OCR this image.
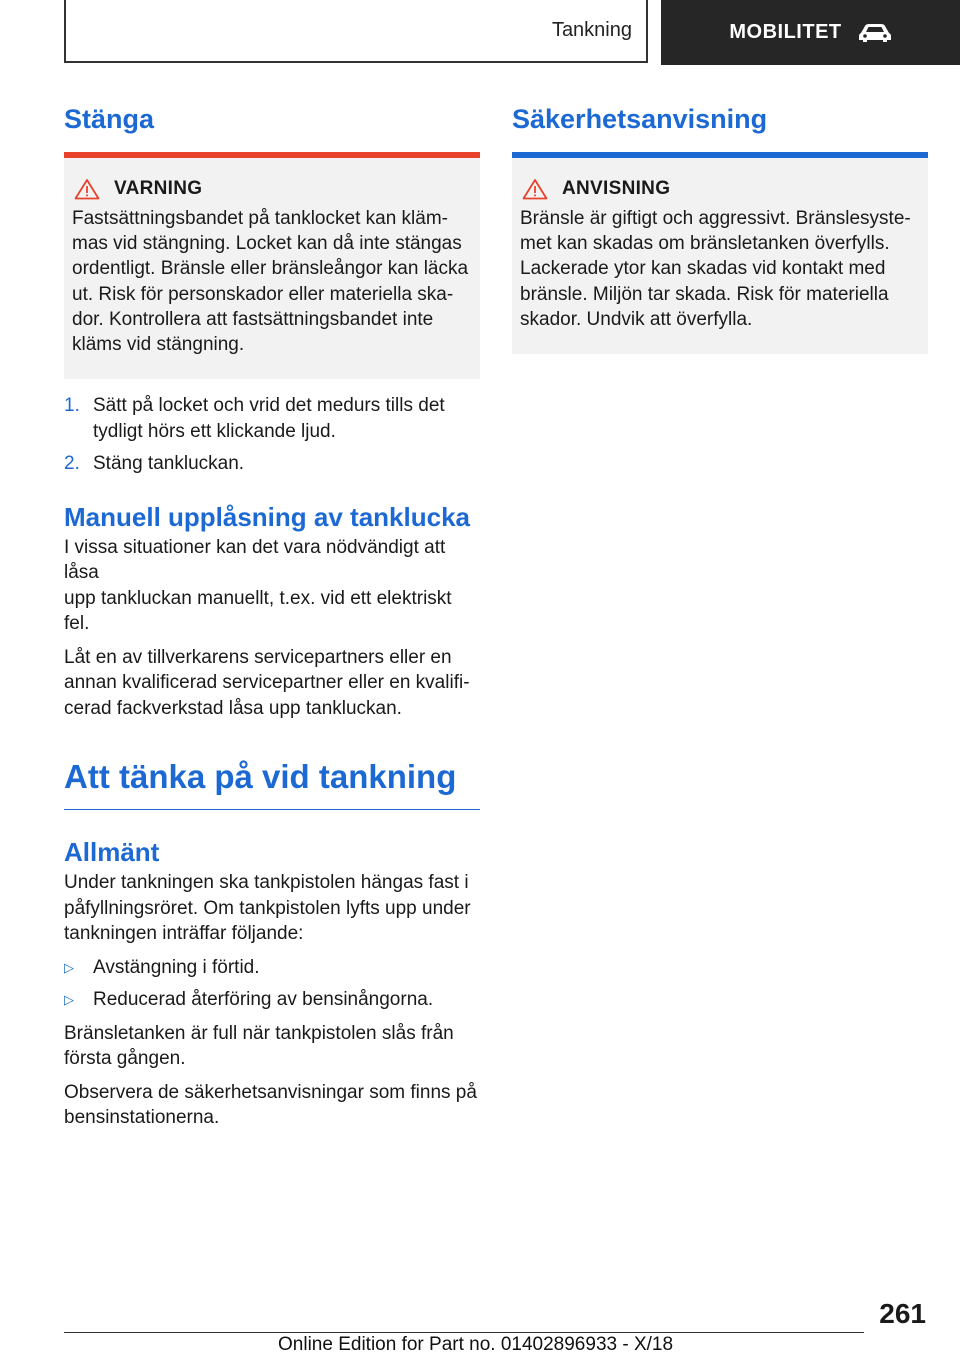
Tankning	MOBILITET
Stänga
VARNING

Fastsättningsbandet på tanklocket kan kläm‐
mas vid stängning. Locket kan då inte stängas
ordentligt. Bränsle eller bränsleångor kan läcka
ut. Risk för personskador eller materiella ska‐
dor. Kontrollera att fastsättningsbandet inte
kläms vid stängning.

1. Sätt på locket och vrid det medurs tills det
tydligt hörs ett klickande ljud.
2. Stäng tankluckan.
Manuell upplåsning av tanklucka

I vissa situationer kan det vara nödvändigt att låsa
upp tankluckan manuellt, t.ex. vid ett elektriskt
fel.

Låt en av tillverkarens servicepartners eller en
annan kvalificerad servicepartner eller en kvalifi‐
cerad fackverkstad låsa upp tankluckan.

Att tänka på vid tankning
Allmänt

Under tankningen ska tankpistolen hängas fast i
påfyllningsröret. Om tankpistolen lyfts upp under
tankningen inträffar följande:

▷	Avstängning i förtid.
▷	Reducerad återföring av bensinångorna.

Bränsletanken är full när tankpistolen slås från
första gången.

Observera de säkerhetsanvisningar som finns på
bensinstationerna.

Säkerhetsanvisning
ANVISNING

Bränsle är giftigt och aggressivt. Bränslesyste‐
met kan skadas om bränsletanken överfylls.
Lackerade ytor kan skadas vid kontakt med
bränsle. Miljön tar skada. Risk för materiella
skador. Undvik att överfylla.

261
Online Edition for Part no. 01402896933 - X/18
